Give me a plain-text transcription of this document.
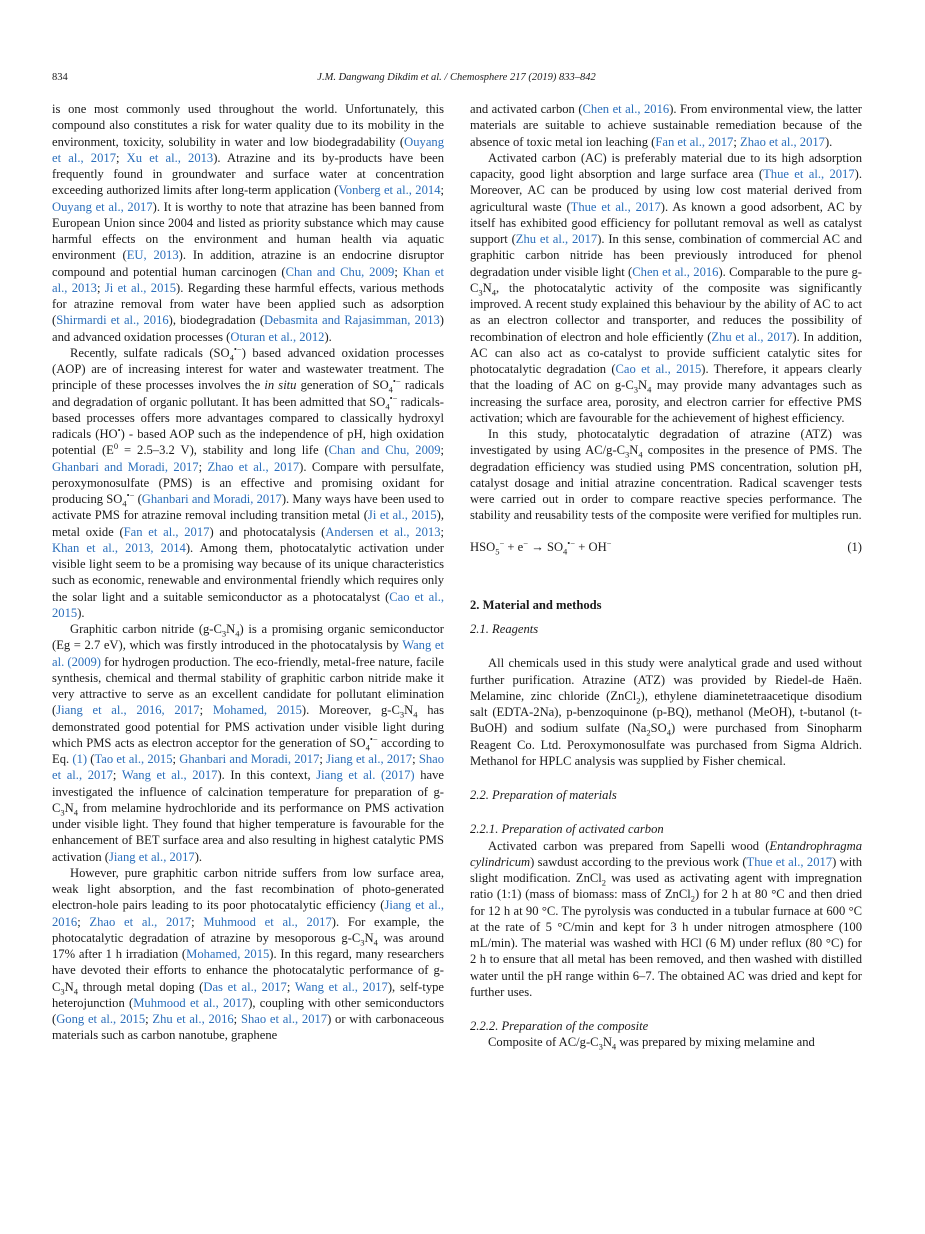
834	J.M. Dangwang Dikdim et al. / Chemosphere 217 (2019) 833–842

is one most commonly used throughout the world. Unfortunately, this compound also constitutes a risk for water quality due to its mobility in the environment, toxicity, solubility in water and low biodegradability (Ouyang et al., 2017; Xu et al., 2013). Atrazine and its by-products have been frequently found in groundwater and surface water at concentration exceeding authorized limits after long-term application (Vonberg et al., 2014; Ouyang et al., 2017). It is worthy to note that atrazine has been banned from European Union since 2004 and listed as priority substance which may cause harmful effects on the environment and human health via aquatic environment (EU, 2013). In addition, atrazine is an endocrine disruptor compound and potential human carcinogen (Chan and Chu, 2009; Khan et al., 2013; Ji et al., 2015). Regarding these harmful effects, various methods for atrazine removal from water have been applied such as adsorption (Shirmardi et al., 2016), biodegradation (Debasmita and Rajasimman, 2013) and advanced oxidation processes (Oturan et al., 2012).

Recently, sulfate radicals $(SO_4^{•-})$ based advanced oxidation processes (AOP) are of increasing interest for water and wastewater treatment. The principle of these processes involves the in situ generation of $SO_4^{•-}$ radicals and degradation of organic pollutant. It has been admitted that $SO_4^{•-}$ radicals-based processes offers more advantages compared to classically hydroxyl radicals (HO•) - based AOP such as the independence of pH, high oxidation potential ($E^0 = 2.5-3.2$ V), stability and long life (Chan and Chu, 2009; Ghanbari and Moradi, 2017; Zhao et al., 2017). Compare with persulfate, peroxymonosulfate (PMS) is an effective and promising oxidant for producing $SO_4^{•-}$ (Ghanbari and Moradi, 2017). Many ways have been used to activate PMS for atrazine removal including transition metal (Ji et al., 2015), metal oxide (Fan et al., 2017) and photocatalysis (Andersen et al., 2013; Khan et al., 2013, 2014). Among them, photocatalytic activation under visible light seem to be a promising way because of its unique characteristics such as economic, renewable and environmental friendly which requires only the solar light and a suitable semiconductor as a photocatalyst (Cao et al., 2015).

Graphitic carbon nitride $(g-C_3N_4)$ is a promising organic semiconductor (Eg = 2.7 eV), which was firstly introduced in the photocatalysis by Wang et al. (2009) for hydrogen production. The eco-friendly, metal-free nature, facile synthesis, chemical and thermal stability of graphitic carbon nitride make it very attractive to serve as an excellent candidate for pollutant elimination (Jiang et al., 2016, 2017; Mohamed, 2015). Moreover, $g-C_3N_4$ has demonstrated good potential for PMS activation under visible light during which PMS acts as electron acceptor for the generation of $SO_4^{•-}$ according to Eq. (1) (Tao et al., 2015; Ghanbari and Moradi, 2017; Jiang et al., 2017; Shao et al., 2017; Wang et al., 2017). In this context, Jiang et al. (2017) have investigated the influence of calcination temperature for preparation of $g-C_3N_4$ from melamine hydrochloride and its performance on PMS activation under visible light. They found that higher temperature is favourable for the enhancement of BET surface area and also resulting in highest catalytic PMS activation (Jiang et al., 2017).

However, pure graphitic carbon nitride suffers from low surface area, weak light absorption, and the fast recombination of photo-generated electron-hole pairs leading to its poor photocatalytic efficiency (Jiang et al., 2016; Zhao et al., 2017; Muhmood et al., 2017). For example, the photocatalytic degradation of atrazine by mesoporous $g-C_3N_4$ was around 17% after 1 h irradiation (Mohamed, 2015). In this regard, many researchers have devoted their efforts to enhance the photocatalytic performance of $g-C_3N_4$ through metal doping (Das et al., 2017; Wang et al., 2017), self-type heterojunction (Muhmood et al., 2017), coupling with other semiconductors (Gong et al., 2015; Zhu et al., 2016; Shao et al., 2017) or with carbonaceous materials such as carbon nanotube, graphene

and activated carbon (Chen et al., 2016). From environmental view, the latter materials are suitable to achieve sustainable remediation because of the absence of toxic metal ion leaching (Fan et al., 2017; Zhao et al., 2017).

Activated carbon (AC) is preferably material due to its high adsorption capacity, good light absorption and large surface area (Thue et al., 2017). Moreover, AC can be produced by using low cost material derived from agricultural waste (Thue et al., 2017). As known a good adsorbent, AC by itself has exhibited good efficiency for pollutant removal as well as catalyst support (Zhu et al., 2017). In this sense, combination of commercial AC and graphitic carbon nitride has been previously introduced for phenol degradation under visible light (Chen et al., 2016). Comparable to the pure $g-C_3N_4$, the photocatalytic activity of the composite was significantly improved. A recent study explained this behaviour by the ability of AC to act as an electron collector and transporter, and reduces the possibility of recombination of electron and hole efficiently (Zhu et al., 2017). In addition, AC can also act as co-catalyst to provide sufficient catalytic sites for photocatalytic degradation (Cao et al., 2015). Therefore, it appears clearly that the loading of AC on $g-C_3N_4$ may provide many advantages such as increasing the surface area, porosity, and electron carrier for effective PMS activation; which are favourable for the achievement of highest efficiency.

In this study, photocatalytic degradation of atrazine (ATZ) was investigated by using $AC/g-C_3N_4$ composites in the presence of PMS. The degradation efficiency was studied using PMS concentration, solution pH, catalyst dosage and initial atrazine concentration. Radical scavenger tests were carried out in order to compare reactive species performance. The stability and reusability tests of the composite were verified for multiples run.

$HSO_5^- + e^- \to SO_4^{•-} + OH^-$	(1)
2. Material and methods
2.1. Reagents

All chemicals used in this study were analytical grade and used without further purification. Atrazine (ATZ) was provided by Riedel-de Haën. Melamine, zinc chloride (ZnCl$_2$), ethylene diaminetetraacetique disodium salt (EDTA-2Na), p-benzoquinone (p-BQ), methanol (MeOH), t-butanol (t-BuOH) and sodium sulfate $(Na_2SO_4)$ were purchased from Sinopharm Reagent Co. Ltd. Peroxymonosulfate was purchased from Sigma Aldrich. Methanol for HPLC analysis was supplied by Fisher chemical.

2.2. Preparation of materials
2.2.1. Preparation of activated carbon

Activated carbon was prepared from Sapelli wood (Entandrophragma cylindricum) sawdust according to the previous work (Thue et al., 2017) with slight modification. ZnCl$_2$ was used as activating agent with impregnation ratio (1:1) (mass of biomass: mass of ZnCl$_2$) for 2 h at 80 °C and then dried for 12 h at 90 °C. The pyrolysis was conducted in a tubular furnace at 600 °C at the rate of 5 °C/min and kept for 3 h under nitrogen atmosphere (100 mL/min). The material was washed with HCl (6 M) under reflux (80 °C) for 2 h to ensure that all metal has been removed, and then washed with distilled water until the pH range within 6–7. The obtained AC was dried and kept for further uses.

2.2.2. Preparation of the composite

Composite of $AC/g-C_3N_4$ was prepared by mixing melamine and
